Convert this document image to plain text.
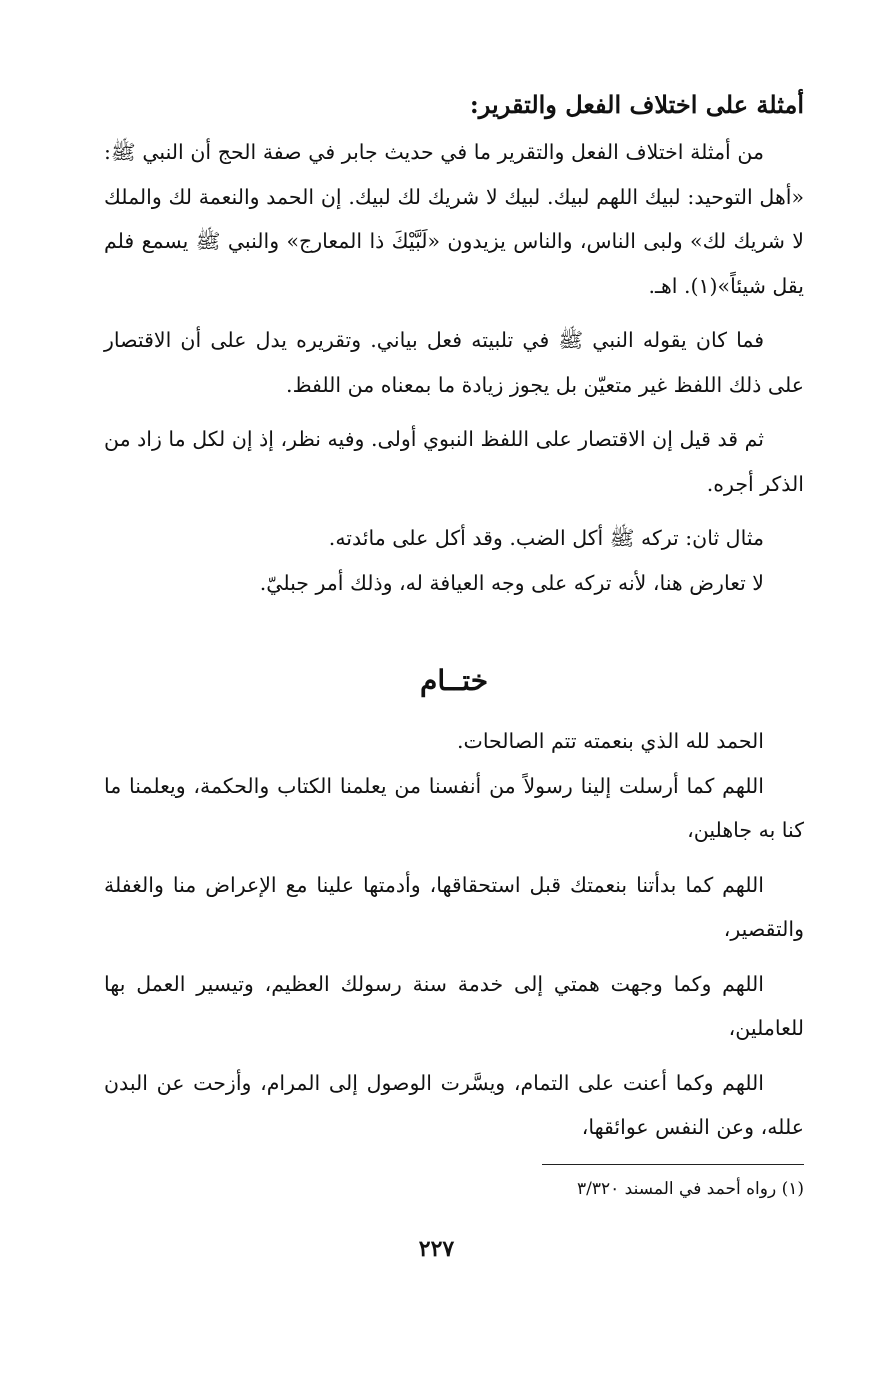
أمثلة على اختلاف الفعل والتقرير:

من أمثلة اختلاف الفعل والتقرير ما في حديث جابر في صفة الحج أن النبي ﷺ: «أهل التوحيد: لبيك اللهم لبيك. لبيك لا شريك لك لبيك. إن الحمد والنعمة لك والملك لا شريك لك» ولبى الناس، والناس يزيدون «لَبَّيْكَ ذا المعارج» والنبي ﷺ يسمع فلم يقل شيئاً»(١). اهـ.

فما كان يقوله النبي ﷺ في تلبيته فعل بياني. وتقريره يدل على أن الاقتصار على ذلك اللفظ غير متعيّن بل يجوز زيادة ما بمعناه من اللفظ.

ثم قد قيل إن الاقتصار على اللفظ النبوي أولى. وفيه نظر، إذ إن لكل ما زاد من الذكر أجره.

مثال ثان: تركه ﷺ أكل الضب. وقد أكل على مائدته.

لا تعارض هنا، لأنه تركه على وجه العيافة له، وذلك أمر جبليّ.

ختــام

الحمد لله الذي بنعمته تتم الصالحات.

اللهم كما أرسلت إلينا رسولاً من أنفسنا من يعلمنا الكتاب والحكمة، ويعلمنا ما كنا به جاهلين،

اللهم كما بدأتنا بنعمتك قبل استحقاقها، وأدمتها علينا مع الإعراض منا والغفلة والتقصير،

اللهم وكما وجهت همتي إلى خدمة سنة رسولك العظيم، وتيسير العمل بها للعاملين،

اللهم وكما أعنت على التمام، ويسَّرت الوصول إلى المرام، وأزحت عن البدن علله، وعن النفس عوائقها،

(١) رواه أحمد في المسند ٣/٣٢٠
٢٢٧
